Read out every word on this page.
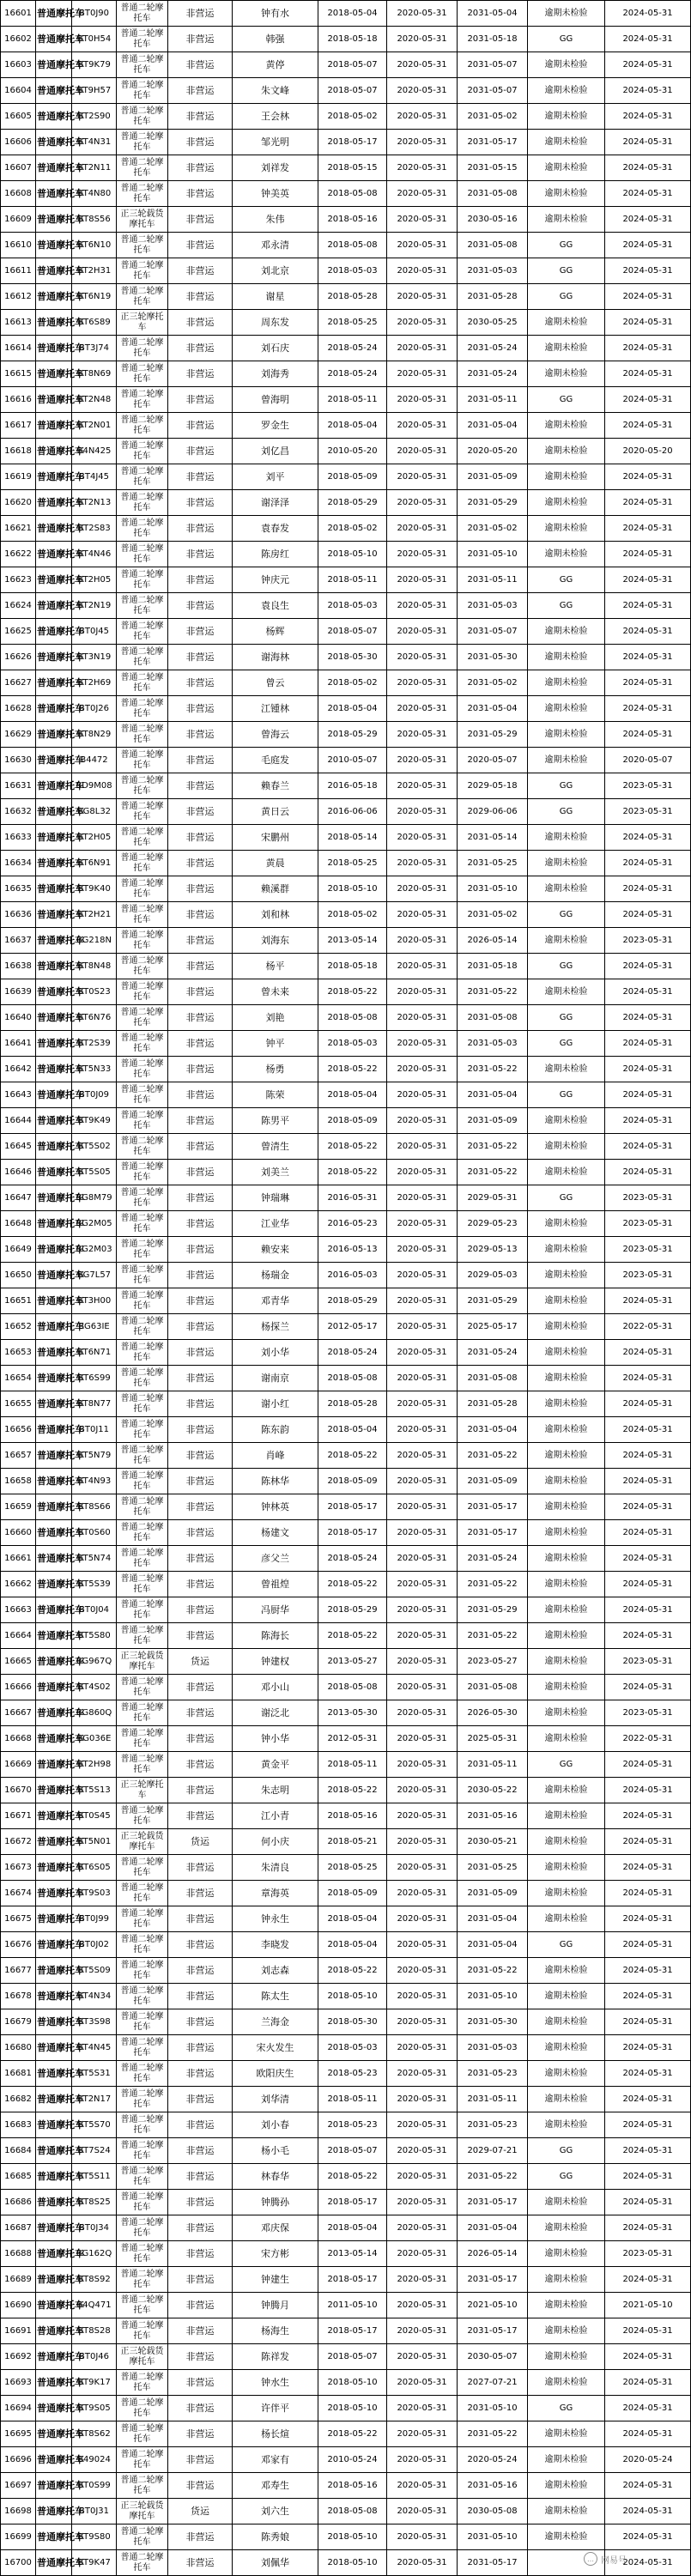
16601	普通摩托车	BT0J90	普通二轮摩托车	非营运	钟有水	2018-05-04	2020-05-31	2031-05-04	逾期未检验	2024-05-31
16602	普通摩托车	BT0H54	普通二轮摩托车	非营运	韩强	2018-05-18	2020-05-31	2031-05-18	GG	2024-05-31
16603	普通摩托车	BT9K79	普通二轮摩托车	非营运	黄停	2018-05-07	2020-05-31	2031-05-07	逾期未检验	2024-05-31
16604	普通摩托车	BT9H57	普通二轮摩托车	非营运	朱文峰	2018-05-07	2020-05-31	2031-05-07	逾期未检验	2024-05-31
16605	普通摩托车	BT2S90	普通二轮摩托车	非营运	王会林	2018-05-02	2020-05-31	2031-05-02	逾期未检验	2024-05-31
16606	普通摩托车	BT4N31	普通二轮摩托车	非营运	邹光明	2018-05-17	2020-05-31	2031-05-17	逾期未检验	2024-05-31
16607	普通摩托车	BT2N11	普通二轮摩托车	非营运	刘祥发	2018-05-15	2020-05-31	2031-05-15	逾期未检验	2024-05-31
16608	普通摩托车	BT4N80	普通二轮摩托车	非营运	钟美英	2018-05-08	2020-05-31	2031-05-08	逾期未检验	2024-05-31
16609	普通摩托车	BT8S56	正三轮载货摩托车	非营运	朱伟	2018-05-16	2020-05-31	2030-05-16	逾期未检验	2024-05-31
16610	普通摩托车	BT6N10	普通二轮摩托车	非营运	邓永清	2018-05-08	2020-05-31	2031-05-08	GG	2024-05-31
16611	普通摩托车	BT2H31	普通二轮摩托车	非营运	刘北京	2018-05-03	2020-05-31	2031-05-03	GG	2024-05-31
16612	普通摩托车	BT6N19	普通二轮摩托车	非营运	谢星	2018-05-28	2020-05-31	2031-05-28	GG	2024-05-31
16613	普通摩托车	BT6S89	正三轮摩托车	非营运	周东发	2018-05-25	2020-05-31	2030-05-25	逾期未检验	2024-05-31
16614	普通摩托车	BT3J74	普通二轮摩托车	非营运	刘石庆	2018-05-24	2020-05-31	2031-05-24	逾期未检验	2024-05-31
16615	普通摩托车	BT8N69	普通二轮摩托车	非营运	刘海秀	2018-05-24	2020-05-31	2031-05-24	逾期未检验	2024-05-31
16616	普通摩托车	BT2N48	普通二轮摩托车	非营运	曾海明	2018-05-11	2020-05-31	2031-05-11	GG	2024-05-31
16617	普通摩托车	BT2N01	普通二轮摩托车	非营运	罗金生	2018-05-04	2020-05-31	2031-05-04	逾期未检验	2024-05-31
16618	普通摩托车	B4N425	普通二轮摩托车	非营运	刘亿昌	2010-05-20	2020-05-31	2020-05-20	逾期未检验	2020-05-20
16619	普通摩托车	BT4J45	普通二轮摩托车	非营运	刘平	2018-05-09	2020-05-31	2031-05-09	逾期未检验	2024-05-31
16620	普通摩托车	BT2N13	普通二轮摩托车	非营运	谢泽泽	2018-05-29	2020-05-31	2031-05-29	逾期未检验	2024-05-31
16621	普通摩托车	BT2S83	普通二轮摩托车	非营运	袁春发	2018-05-02	2020-05-31	2031-05-02	逾期未检验	2024-05-31
16622	普通摩托车	BT4N46	普通二轮摩托车	非营运	陈房红	2018-05-10	2020-05-31	2031-05-10	逾期未检验	2024-05-31
16623	普通摩托车	BT2H05	普通二轮摩托车	非营运	钟庆元	2018-05-11	2020-05-31	2031-05-11	GG	2024-05-31
16624	普通摩托车	BT2N19	普通二轮摩托车	非营运	袁良生	2018-05-03	2020-05-31	2031-05-03	GG	2024-05-31
16625	普通摩托车	BT0J45	普通二轮摩托车	非营运	杨辉	2018-05-07	2020-05-31	2031-05-07	逾期未检验	2024-05-31
16626	普通摩托车	BT3N19	普通二轮摩托车	非营运	谢海林	2018-05-30	2020-05-31	2031-05-30	逾期未检验	2024-05-31
16627	普通摩托车	BT2H69	普通二轮摩托车	非营运	曾云	2018-05-02	2020-05-31	2031-05-02	逾期未检验	2024-05-31
16628	普通摩托车	BT0J26	普通二轮摩托车	非营运	江锺林	2018-05-04	2020-05-31	2031-05-04	逾期未检验	2024-05-31
16629	普通摩托车	BT8N29	普通二轮摩托车	非营运	曾海云	2018-05-29	2020-05-31	2031-05-29	逾期未检验	2024-05-31
16630	普通摩托车	B4472	普通二轮摩托车	非营运	毛庭发	2010-05-07	2020-05-31	2020-05-07	逾期未检验	2020-05-07
16631	普通摩托车	BD9M08	普通二轮摩托车	非营运	赖春兰	2016-05-18	2020-05-31	2029-05-18	GG	2023-05-31
16632	普通摩托车	BG8L32	普通二轮摩托车	非营运	黄日云	2016-06-06	2020-05-31	2029-06-06	GG	2023-05-31
16633	普通摩托车	BT2H05	普通二轮摩托车	非营运	宋鹏州	2018-05-14	2020-05-31	2031-05-14	逾期未检验	2024-05-31
16634	普通摩托车	BT6N91	普通二轮摩托车	非营运	黄晨	2018-05-25	2020-05-31	2031-05-25	逾期未检验	2024-05-31
16635	普通摩托车	BT9K40	普通二轮摩托车	非营运	赖溪群	2018-05-10	2020-05-31	2031-05-10	逾期未检验	2024-05-31
16636	普通摩托车	BT2H21	普通二轮摩托车	非营运	刘和林	2018-05-02	2020-05-31	2031-05-02	GG	2024-05-31
16637	普通摩托车	BG218N	普通二轮摩托车	非营运	刘海东	2013-05-14	2020-05-31	2026-05-14	逾期未检验	2023-05-31
16638	普通摩托车	BT8N48	普通二轮摩托车	非营运	杨平	2018-05-18	2020-05-31	2031-05-18	GG	2024-05-31
16639	普通摩托车	BT0S23	普通二轮摩托车	非营运	曾未来	2018-05-22	2020-05-31	2031-05-22	逾期未检验	2024-05-31
16640	普通摩托车	BT6N76	普通二轮摩托车	非营运	刘艳	2018-05-08	2020-05-31	2031-05-08	GG	2024-05-31
16641	普通摩托车	BT2S39	普通二轮摩托车	非营运	钟平	2018-05-03	2020-05-31	2031-05-03	GG	2024-05-31
16642	普通摩托车	BT5N33	普通二轮摩托车	非营运	杨勇	2018-05-22	2020-05-31	2031-05-22	逾期未检验	2024-05-31
16643	普通摩托车	BT0J09	普通二轮摩托车	非营运	陈荣	2018-05-04	2020-05-31	2031-05-04	GG	2024-05-31
16644	普通摩托车	BT9K49	普通二轮摩托车	非营运	陈男平	2018-05-09	2020-05-31	2031-05-09	逾期未检验	2024-05-31
16645	普通摩托车	BT5S02	普通二轮摩托车	非营运	曾清生	2018-05-22	2020-05-31	2031-05-22	逾期未检验	2024-05-31
16646	普通摩托车	BT5S05	普通二轮摩托车	非营运	刘美兰	2018-05-22	2020-05-31	2031-05-22	逾期未检验	2024-05-31
16647	普通摩托车	BG8M79	普通二轮摩托车	非营运	钟瑞琳	2016-05-31	2020-05-31	2029-05-31	GG	2023-05-31
16648	普通摩托车	BG2M05	普通二轮摩托车	非营运	江业华	2016-05-23	2020-05-31	2029-05-23	逾期未检验	2023-05-31
16649	普通摩托车	BG2M03	普通二轮摩托车	非营运	赖安来	2016-05-13	2020-05-31	2029-05-13	逾期未检验	2023-05-31
16650	普通摩托车	BG7L57	普通二轮摩托车	非营运	杨瑞金	2016-05-03	2020-05-31	2029-05-03	逾期未检验	2023-05-31
16651	普通摩托车	BT3H00	普通二轮摩托车	非营运	邓青华	2018-05-29	2020-05-31	2031-05-29	逾期未检验	2024-05-31
16652	普通摩托车	BG63IE	普通二轮摩托车	非营运	杨探兰	2012-05-17	2020-05-31	2025-05-17	逾期未检验	2022-05-31
16653	普通摩托车	BT6N71	普通二轮摩托车	非营运	刘小华	2018-05-24	2020-05-31	2031-05-24	逾期未检验	2024-05-31
16654	普通摩托车	BT6S99	普通二轮摩托车	非营运	谢南京	2018-05-08	2020-05-31	2031-05-08	逾期未检验	2024-05-31
16655	普通摩托车	BT8N77	普通二轮摩托车	非营运	谢小红	2018-05-28	2020-05-31	2031-05-28	逾期未检验	2024-05-31
16656	普通摩托车	BT0J11	普通二轮摩托车	非营运	陈东韵	2018-05-04	2020-05-31	2031-05-04	逾期未检验	2024-05-31
16657	普通摩托车	BT5N79	普通二轮摩托车	非营运	肖峰	2018-05-22	2020-05-31	2031-05-22	逾期未检验	2024-05-31
16658	普通摩托车	BT4N93	普通二轮摩托车	非营运	陈林华	2018-05-09	2020-05-31	2031-05-09	逾期未检验	2024-05-31
16659	普通摩托车	BT8S66	普通二轮摩托车	非营运	钟林英	2018-05-17	2020-05-31	2031-05-17	逾期未检验	2024-05-31
16660	普通摩托车	BT0S60	普通二轮摩托车	非营运	杨建文	2018-05-17	2020-05-31	2031-05-17	逾期未检验	2024-05-31
16661	普通摩托车	BT5N74	普通二轮摩托车	非营运	彦父兰	2018-05-24	2020-05-31	2031-05-24	逾期未检验	2024-05-31
16662	普通摩托车	BT5S39	普通二轮摩托车	非营运	曾祖煌	2018-05-22	2020-05-31	2031-05-22	逾期未检验	2024-05-31
16663	普通摩托车	BT0J04	普通二轮摩托车	非营运	冯厨华	2018-05-29	2020-05-31	2031-05-29	逾期未检验	2024-05-31
16664	普通摩托车	BT5S80	普通二轮摩托车	非营运	陈海长	2018-05-22	2020-05-31	2031-05-22	逾期未检验	2024-05-31
16665	普通摩托车	BG967Q	正三轮载货摩托车	货运	钟建权	2013-05-27	2020-05-31	2023-05-27	逾期未检验	2023-05-31
16666	普通摩托车	BT4S02	普通二轮摩托车	非营运	邓小山	2018-05-08	2020-05-31	2031-05-08	逾期未检验	2024-05-31
16667	普通摩托车	BG860Q	普通二轮摩托车	非营运	谢泛北	2013-05-30	2020-05-31	2026-05-30	逾期未检验	2023-05-31
16668	普通摩托车	BG036E	普通二轮摩托车	非营运	钟小华	2012-05-31	2020-05-31	2025-05-31	逾期未检验	2022-05-31
16669	普通摩托车	BT2H98	普通二轮摩托车	非营运	黄金平	2018-05-11	2020-05-31	2031-05-11	GG	2024-05-31
16670	普通摩托车	BT5S13	正三轮摩托车	非营运	朱志明	2018-05-22	2020-05-31	2030-05-22	逾期未检验	2024-05-31
16671	普通摩托车	BT0S45	普通二轮摩托车	非营运	江小青	2018-05-16	2020-05-31	2031-05-16	逾期未检验	2024-05-31
16672	普通摩托车	BT5N01	正三轮载货摩托车	货运	何小庆	2018-05-21	2020-05-31	2030-05-21	逾期未检验	2024-05-31
16673	普通摩托车	BT6S05	普通二轮摩托车	非营运	朱清良	2018-05-25	2020-05-31	2031-05-25	逾期未检验	2024-05-31
16674	普通摩托车	BT9S03	普通二轮摩托车	非营运	章海英	2018-05-09	2020-05-31	2031-05-09	逾期未检验	2024-05-31
16675	普通摩托车	BT0J99	普通二轮摩托车	非营运	钟永生	2018-05-04	2020-05-31	2031-05-04	逾期未检验	2024-05-31
16676	普通摩托车	BT0J02	普通二轮摩托车	非营运	李晓发	2018-05-04	2020-05-31	2031-05-04	GG	2024-05-31
16677	普通摩托车	BT5S09	普通二轮摩托车	非营运	刘志森	2018-05-22	2020-05-31	2031-05-22	逾期未检验	2024-05-31
16678	普通摩托车	BT4N34	普通二轮摩托车	非营运	陈太生	2018-05-10	2020-05-31	2031-05-10	逾期未检验	2024-05-31
16679	普通摩托车	BT3S98	普通二轮摩托车	非营运	兰海金	2018-05-30	2020-05-31	2031-05-30	逾期未检验	2024-05-31
16680	普通摩托车	BT4N45	普通二轮摩托车	非营运	宋火发生	2018-05-03	2020-05-31	2031-05-03	逾期未检验	2024-05-31
16681	普通摩托车	BT5S31	普通二轮摩托车	非营运	欧阳庆生	2018-05-23	2020-05-31	2031-05-23	逾期未检验	2024-05-31
16682	普通摩托车	BT2N17	普通二轮摩托车	非营运	刘华清	2018-05-11	2020-05-31	2031-05-11	逾期未检验	2024-05-31
16683	普通摩托车	BT5S70	普通二轮摩托车	非营运	刘小春	2018-05-23	2020-05-31	2031-05-23	逾期未检验	2024-05-31
16684	普通摩托车	BT7S24	普通二轮摩托车	非营运	杨小毛	2018-05-07	2020-05-31	2029-07-21	GG	2024-05-31
16685	普通摩托车	BT5S11	普通二轮摩托车	非营运	林春华	2018-05-22	2020-05-31	2031-05-22	GG	2024-05-31
16686	普通摩托车	BT8S25	普通二轮摩托车	非营运	钟腾孙	2018-05-17	2020-05-31	2031-05-17	逾期未检验	2024-05-31
16687	普通摩托车	BT0J34	普通二轮摩托车	非营运	邓庆保	2018-05-04	2020-05-31	2031-05-04	逾期未检验	2024-05-31
16688	普通摩托车	BG162Q	普通二轮摩托车	非营运	宋方彬	2013-05-14	2020-05-31	2026-05-14	逾期未检验	2023-05-31
16689	普通摩托车	BT8S92	普通二轮摩托车	非营运	钟建生	2018-05-17	2020-05-31	2031-05-17	逾期未检验	2024-05-31
16690	普通摩托车	B4Q471	普通二轮摩托车	非营运	钟腾月	2011-05-10	2020-05-31	2021-05-10	逾期未检验	2021-05-10
16691	普通摩托车	BT8S28	普通二轮摩托车	非营运	杨海生	2018-05-17	2020-05-31	2031-05-17	逾期未检验	2024-05-31
16692	普通摩托车	BT0J46	正三轮载货摩托车	非营运	陈祥发	2018-05-07	2020-05-31	2030-05-07	逾期未检验	2024-05-31
16693	普通摩托车	BT9K17	普通二轮摩托车	非营运	钟水生	2018-05-10	2020-05-31	2027-07-21	逾期未检验	2024-05-31
16694	普通摩托车	BT9S05	普通二轮摩托车	非营运	许伴平	2018-05-10	2020-05-31	2031-05-10	GG	2024-05-31
16695	普通摩托车	BT8S62	普通二轮摩托车	非营运	杨长煊	2018-05-22	2020-05-31	2031-05-22	逾期未检验	2024-05-31
16696	普通摩托车	B49024	普通二轮摩托车	非营运	邓家有	2010-05-24	2020-05-31	2020-05-24	逾期未检验	2020-05-24
16697	普通摩托车	BT0S99	普通二轮摩托车	非营运	邓寿生	2018-05-16	2020-05-31	2031-05-16	逾期未检验	2024-05-31
16698	普通摩托车	BT0J31	正三轮载货摩托车	货运	刘六生	2018-05-08	2020-05-31	2030-05-08	逾期未检验	2024-05-31
16699	普通摩托车	BT9S80	普通二轮摩托车	非营运	陈秀娘	2018-05-10	2020-05-31	2031-05-10	逾期未检验	2024-05-31
16700	普通摩托车	BT9K47	普通二轮摩托车	非营运	刘佩华	2018-05-10	2020-05-31	2031-05-17		2024-05-31
… 网易号
